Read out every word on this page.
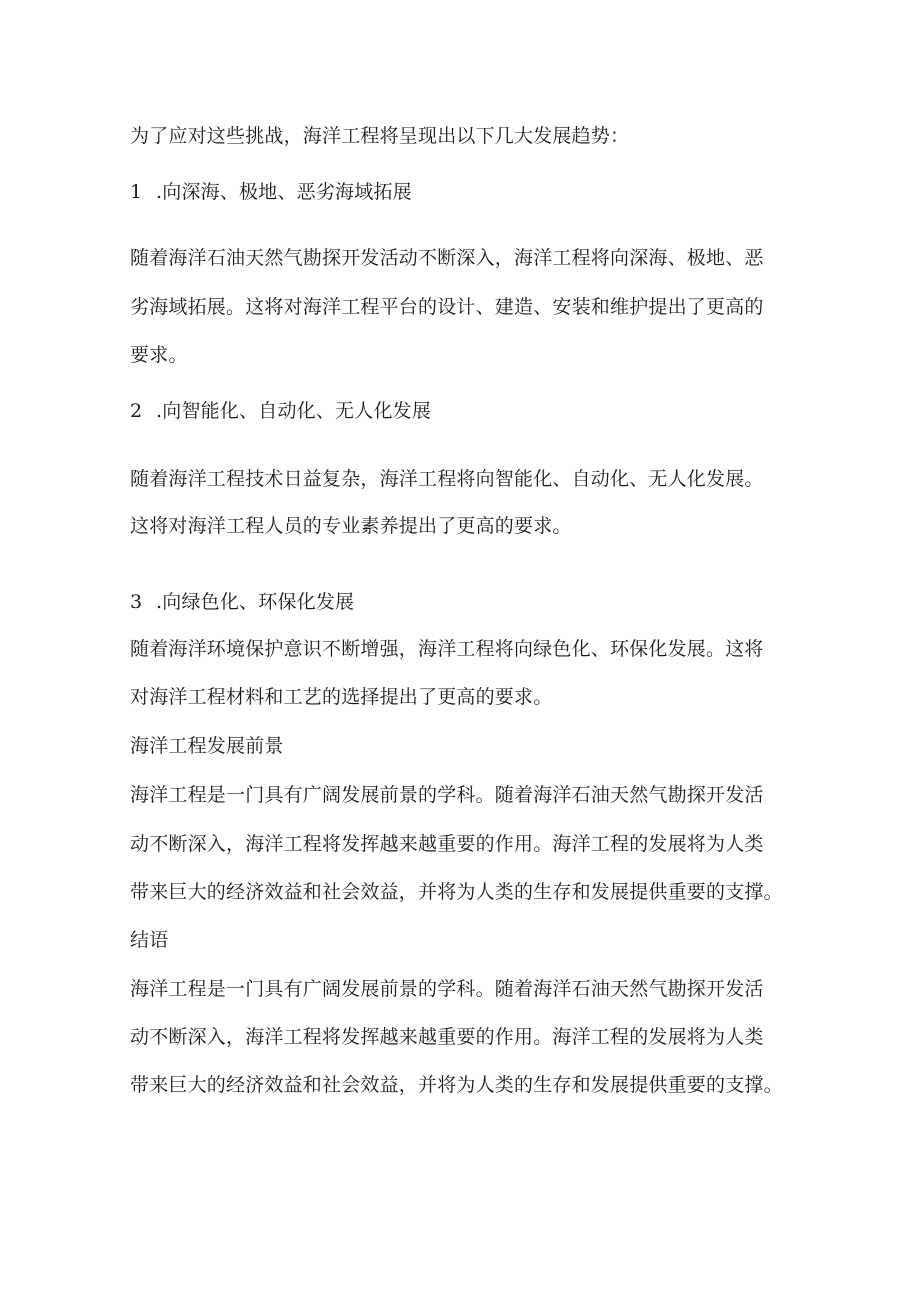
为了应对这些挑战，海洋工程将呈现出以下几大发展趋势：
1 .向深海、极地、恶劣海域拓展
随着海洋石油天然气勘探开发活动不断深入，海洋工程将向深海、极地、恶
劣海域拓展。这将对海洋工程平台的设计、建造、安装和维护提出了更高的
要求。
2 .向智能化、自动化、无人化发展
随着海洋工程技术日益复杂，海洋工程将向智能化、自动化、无人化发展。
这将对海洋工程人员的专业素养提出了更高的要求。
3 .向绿色化、环保化发展
随着海洋环境保护意识不断增强，海洋工程将向绿色化、环保化发展。这将
对海洋工程材料和工艺的选择提出了更高的要求。
海洋工程发展前景
海洋工程是一门具有广阔发展前景的学科。随着海洋石油天然气勘探开发活
动不断深入，海洋工程将发挥越来越重要的作用。海洋工程的发展将为人类
带来巨大的经济效益和社会效益，并将为人类的生存和发展提供重要的支撑。
结语
海洋工程是一门具有广阔发展前景的学科。随着海洋石油天然气勘探开发活
动不断深入，海洋工程将发挥越来越重要的作用。海洋工程的发展将为人类
带来巨大的经济效益和社会效益，并将为人类的生存和发展提供重要的支撑。
